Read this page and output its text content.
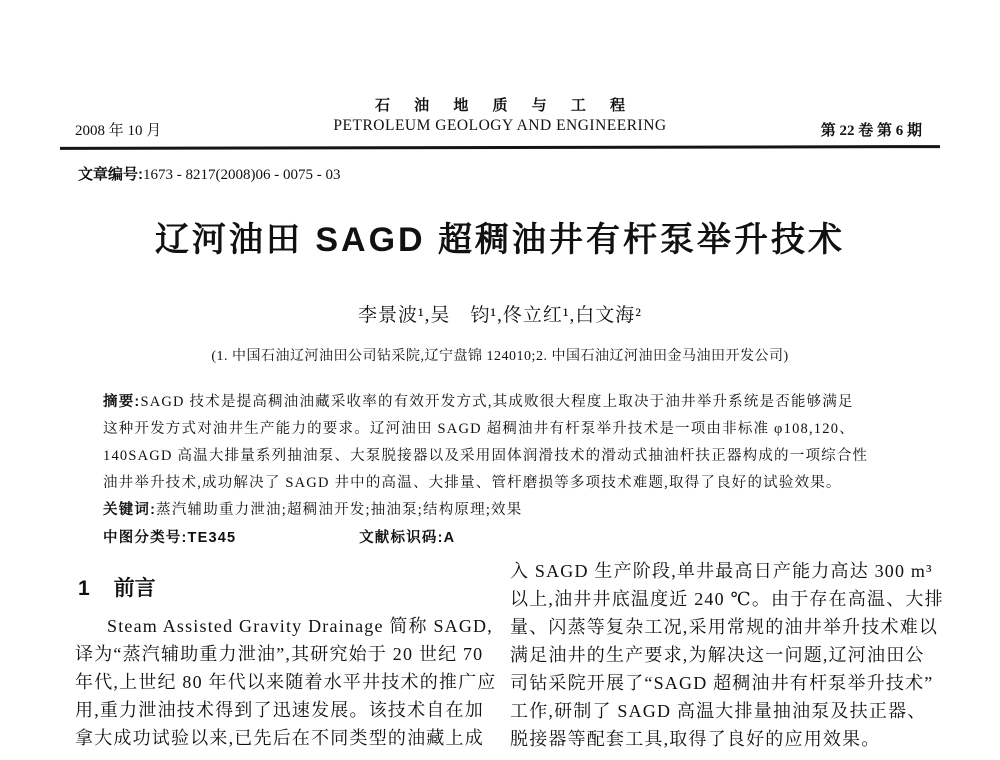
石 油 地 质 与 工 程
2008 年 10 月	PETROLEUM GEOLOGY AND ENGINEERING	第 22 卷 第 6 期
文章编号:1673 - 8217(2008)06 - 0075 - 03
辽河油田 SAGD 超稠油井有杆泵举升技术
李景波¹,吴　钧¹,佟立红¹,白文海²
(1. 中国石油辽河油田公司钻采院,辽宁盘锦 124010;2. 中国石油辽河油田金马油田开发公司)
摘要:SAGD 技术是提高稠油油藏采收率的有效开发方式,其成败很大程度上取决于油井举升系统是否能够满足
这种开发方式对油井生产能力的要求。辽河油田 SAGD 超稠油井有杆泵举升技术是一项由非标准 φ108,120、
140SAGD 高温大排量系列抽油泵、大泵脱接器以及采用固体润滑技术的滑动式抽油杆扶正器构成的一项综合性
油井举升技术,成功解决了 SAGD 井中的高温、大排量、管杆磨损等多项技术难题,取得了良好的试验效果。
关键词:蒸汽辅助重力泄油;超稠油开发;抽油泵;结构原理;效果
中图分类号:TE345	文献标识码:A
1 前言
Steam Assisted Gravity Drainage 简称 SAGD,
译为“蒸汽辅助重力泄油”,其研究始于 20 世纪 70
年代,上世纪 80 年代以来随着水平井技术的推广应
用,重力泄油技术得到了迅速发展。该技术自在加
拿大成功试验以来,已先后在不同类型的油藏上成
入 SAGD 生产阶段,单井最高日产能力高达 300 m³
以上,油井井底温度近 240 ℃。由于存在高温、大排
量、闪蒸等复杂工况,采用常规的油井举升技术难以
满足油井的生产要求,为解决这一问题,辽河油田公
司钻采院开展了“SAGD 超稠油井有杆泵举升技术”
工作,研制了 SAGD 高温大排量抽油泵及扶正器、
脱接器等配套工具,取得了良好的应用效果。
